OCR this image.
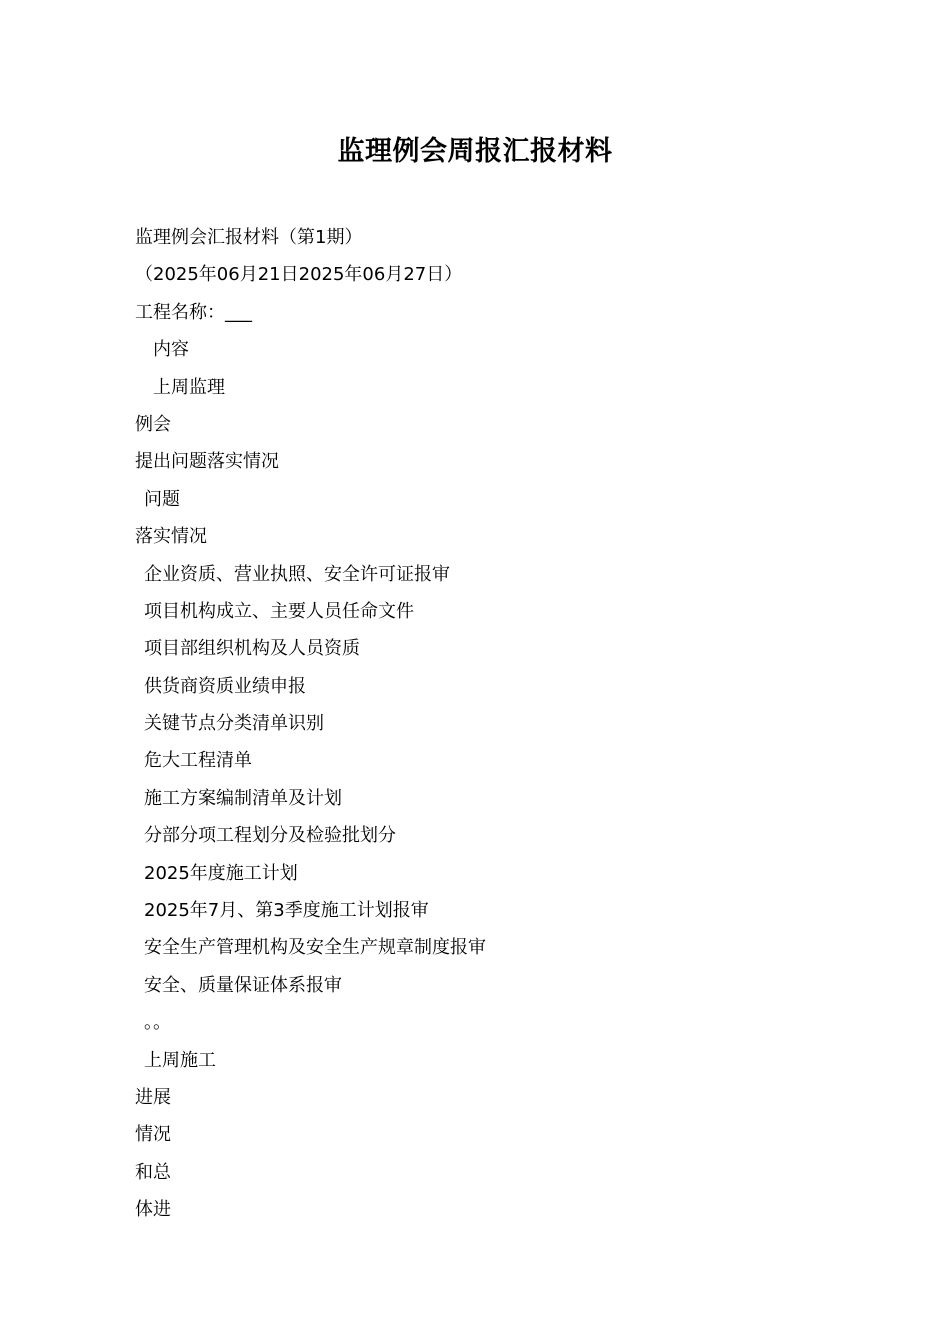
监理例会周报汇报材料
监理例会汇报材料（第1期）
（2025年06月21日2025年06月27日）
工程名称：___
内容
上周监理
例会
提出问题落实情况
问题
落实情况
企业资质、营业执照、安全许可证报审
项目机构成立、主要人员任命文件
项目部组织机构及人员资质
供货商资质业绩申报
关键节点分类清单识别
危大工程清单
施工方案编制清单及计划
分部分项工程划分及检验批划分
2025年度施工计划
2025年7月、第3季度施工计划报审
安全生产管理机构及安全生产规章制度报审
安全、质量保证体系报审
。。
上周施工
进展
情况
和总
体进
